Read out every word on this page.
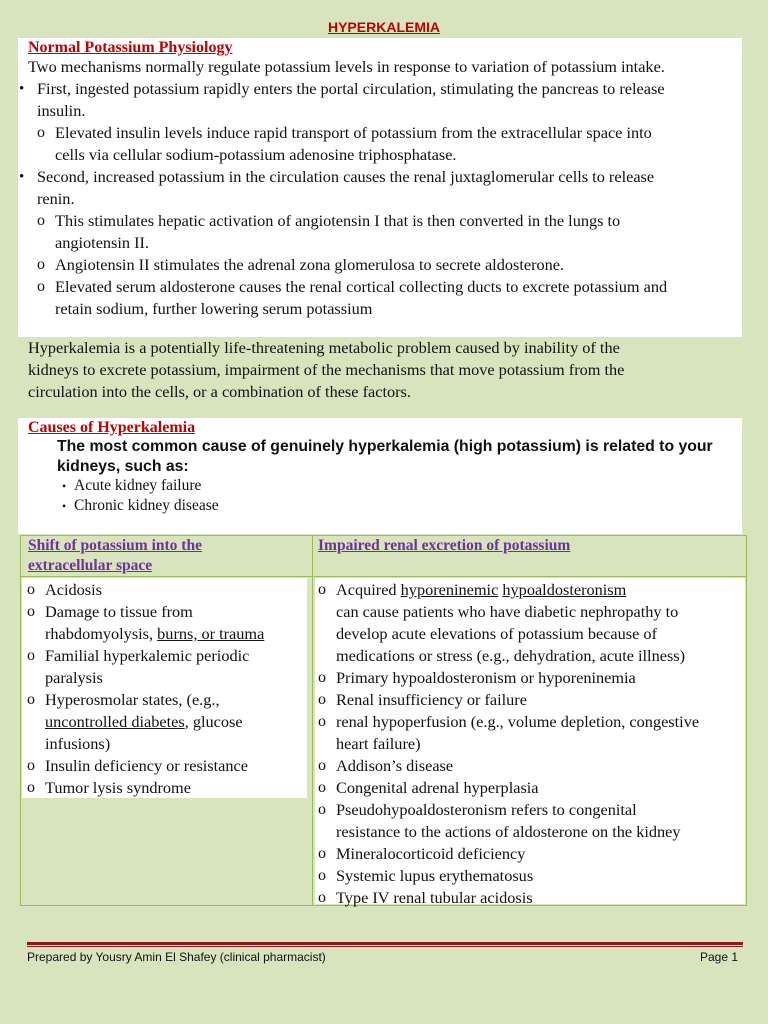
HYPERKALEMIA
Normal Potassium Physiology
Two mechanisms normally regulate potassium levels in response to variation of potassium intake.
• First, ingested potassium rapidly enters the portal circulation, stimulating the pancreas to release
insulin.
o Elevated insulin levels induce rapid transport of potassium from the extracellular space into
cells via cellular sodium-potassium adenosine triphosphatase.
• Second, increased potassium in the circulation causes the renal juxtaglomerular cells to release
renin.
o This stimulates hepatic activation of angiotensin I that is then converted in the lungs to
angiotensin II.
o Angiotensin II stimulates the adrenal zona glomerulosa to secrete aldosterone.
o Elevated serum aldosterone causes the renal cortical collecting ducts to excrete potassium and
retain sodium, further lowering serum potassium
Hyperkalemia is a potentially life-threatening metabolic problem caused by inability of the
kidneys to excrete potassium, impairment of the mechanisms that move potassium from the
circulation into the cells, or a combination of these factors.
Causes of Hyperkalemia
The most common cause of genuinely hyperkalemia (high potassium) is related to your
kidneys, such as:
• Acute kidney failure
• Chronic kidney disease
Shift of potassium into the
extracellular space
Impaired renal excretion of potassium
o Acidosis
o Damage to tissue from
rhabdomyolysis, burns, or trauma
o Familial hyperkalemic periodic
paralysis
o Hyperosmolar states, (e.g.,
uncontrolled diabetes, glucose
infusions)
o Insulin deficiency or resistance
o Tumor lysis syndrome
o Acquired hyporeninemic hypoaldosteronism
can cause patients who have diabetic nephropathy to
develop acute elevations of potassium because of
medications or stress (e.g., dehydration, acute illness)
o Primary hypoaldosteronism or hyporeninemia
o Renal insufficiency or failure
o renal hypoperfusion (e.g., volume depletion, congestive
heart failure)
o Addison’s disease
o Congenital adrenal hyperplasia
o Pseudohypoaldosteronism refers to congenital
resistance to the actions of aldosterone on the kidney
o Mineralocorticoid deficiency
o Systemic lupus erythematosus
o Type IV renal tubular acidosis
Prepared by Yousry Amin El Shafey (clinical pharmacist)	Page 1
